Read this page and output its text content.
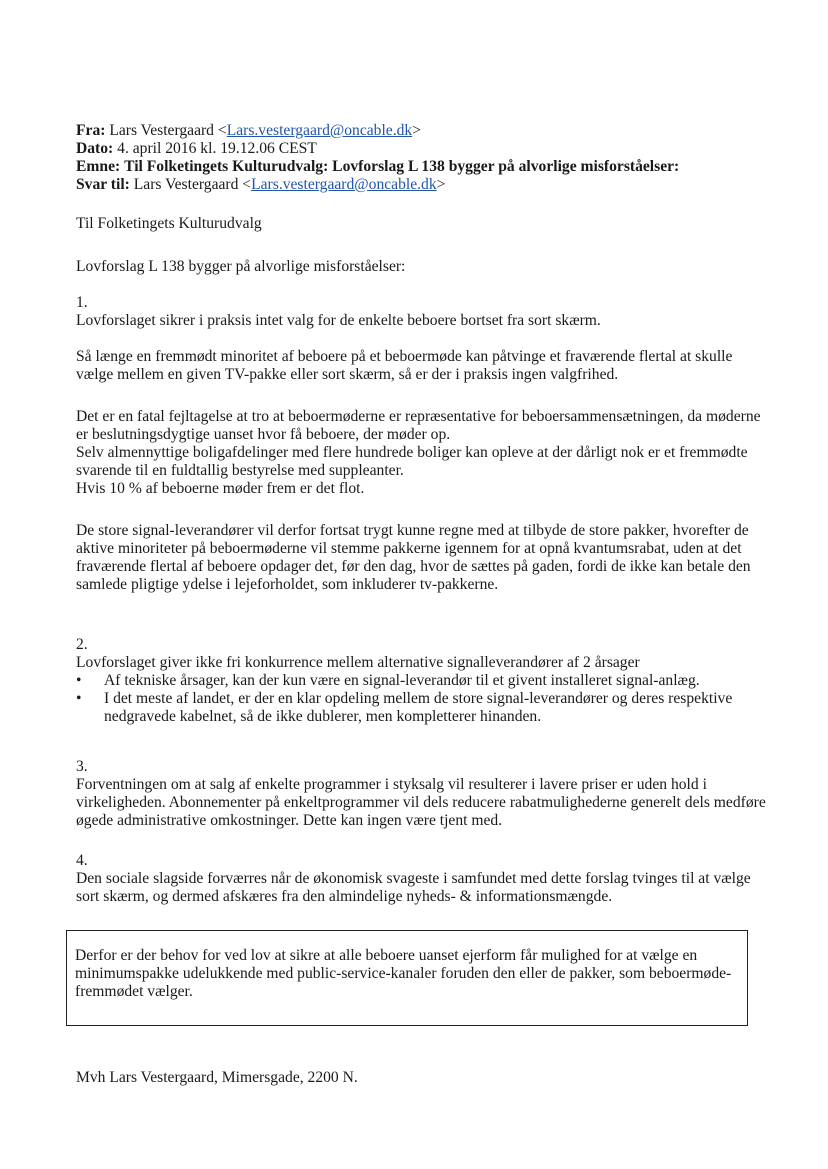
Fra: Lars Vestergaard <Lars.vestergaard@oncable.dk>
Dato: 4. april 2016 kl. 19.12.06 CEST
Emne: Til Folketingets Kulturudvalg: Lovforslag L 138 bygger på alvorlige misforståelser:
Svar til: Lars Vestergaard <Lars.vestergaard@oncable.dk>
Til Folketingets Kulturudvalg
Lovforslag L 138 bygger på alvorlige misforståelser:

1.

Lovforslaget sikrer i praksis intet valg for de enkelte beboere bortset fra sort skærm.

Så længe en fremmødt minoritet af beboere på et beboermøde kan påtvinge et fraværende flertal at skulle vælge mellem en given TV-pakke eller sort skærm, så er der i praksis ingen valgfrihed.

Det er en fatal fejltagelse at tro at beboermøderne er repræsentative for beboersammensætningen, da møderne er beslutningsdygtige uanset hvor få beboere, der møder op.

Selv almennyttige boligafdelinger med flere hundrede boliger kan opleve at der dårligt nok er et fremmødte svarende til en fuldtallig bestyrelse med suppleanter.

Hvis 10 % af beboerne møder frem er det flot.

De store signal-leverandører vil derfor fortsat trygt kunne regne med at tilbyde de store pakker, hvorefter de aktive minoriteter på beboermøderne vil stemme pakkerne igennem for at opnå kvantumsrabat, uden at det fraværende flertal af beboere opdager det, før den dag, hvor de sættes på gaden, fordi de ikke kan betale den samlede pligtige ydelse i lejeforholdet, som inkluderer tv-pakkerne.

2.

Lovforslaget giver ikke fri konkurrence mellem alternative signalleverandører af 2 årsager

•	Af tekniske årsager, kan der kun være en signal-leverandør til et givent installeret signal-anlæg.
•	I det meste af landet, er der en klar opdeling mellem de store signal-leverandører og deres respektive nedgravede kabelnet, så de ikke dublerer, men kompletterer hinanden.

3.

Forventningen om at salg af enkelte programmer i styksalg vil resulterer i lavere priser er uden hold i virkeligheden. Abonnementer på enkeltprogrammer vil dels reducere rabatmulighederne generelt dels medføre øgede administrative omkostninger. Dette kan ingen være tjent med.

4.

Den sociale slagside forværres når de økonomisk svageste i samfundet med dette forslag tvinges til at vælge sort skærm, og dermed afskæres fra den almindelige nyheds- & informationsmængde.

Derfor er der behov for ved lov at sikre at alle beboere uanset ejerform får mulighed for at vælge en minimumspakke udelukkende med public-service-kanaler foruden den eller de pakker, som beboermøde-fremmødet vælger.
Mvh Lars Vestergaard, Mimersgade, 2200 N.
